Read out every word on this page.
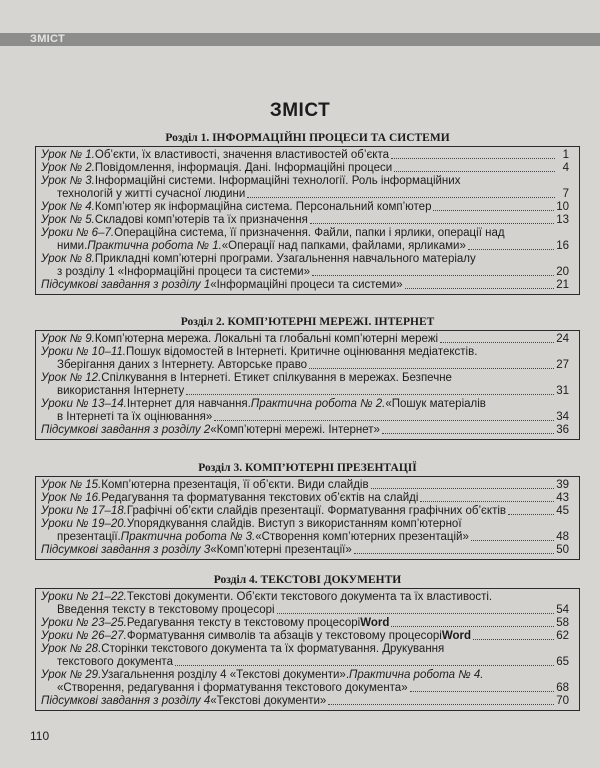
ЗМІСТ
ЗМІСТ
Розділ 1. ІНФОРМАЦІЙНІ ПРОЦЕСИ ТА СИСТЕМИ
Урок № 1. Об’єкти, їх властивості, значення властивостей об’єкта	1
Урок № 2. Повідомлення, інформація. Дані. Інформаційні процеси	4
Урок № 3. Інформаційні системи. Інформаційні технології. Роль інформаційних
технологій у житті сучасної людини	7
Урок № 4. Комп’ютер як інформаційна система. Персональний комп’ютер	10
Урок № 5. Складові комп’ютерів та їх призначення	13
Уроки № 6–7. Операційна система, її призначення. Файли, папки і ярлики, операції над
ними. Практична робота № 1. «Операції над папками, файлами, ярликами»	16
Урок № 8. Прикладні комп’ютерні програми. Узагальнення навчального матеріалу
з розділу 1 «Інформаційні процеси та системи»	20
Підсумкові завдання з розділу 1 «Інформаційні процеси та системи»	21
Розділ 2. КОМП’ЮТЕРНІ МЕРЕЖІ. ІНТЕРНЕТ
Урок № 9. Комп’ютерна мережа. Локальні та глобальні комп’ютерні мережі	24
Уроки № 10–11. Пошук відомостей в Інтернеті. Критичне оцінювання медіатекстів.
Зберігання даних з Інтернету. Авторське право	27
Урок № 12. Спілкування в Інтернеті. Етикет спілкування в мережах. Безпечне
використання Інтернету	31
Уроки № 13–14. Інтернет для навчання. Практична робота № 2. «Пошук матеріалів
в Інтернеті та їх оцінювання»	34
Підсумкові завдання з розділу 2 «Комп’ютерні мережі. Інтернет»	36
Розділ 3. КОМП’ЮТЕРНІ ПРЕЗЕНТАЦІЇ
Урок № 15. Комп’ютерна презентація, її об’єкти. Види слайдів	39
Урок № 16. Редагування та форматування текстових об’єктів на слайді	43
Уроки № 17–18. Графічні об’єкти слайдів презентації. Форматування графічних об’єктів	45
Уроки № 19–20. Упорядкування слайдів. Виступ з використанням комп’ютерної
презентації. Практична робота № 3. «Створення комп’ютерних презентацій»	48
Підсумкові завдання з розділу 3 «Комп’ютерні презентації»	50
Розділ 4. ТЕКСТОВІ ДОКУМЕНТИ
Уроки № 21–22. Текстові документи. Об’єкти текстового документа та їх властивості.
Введення тексту в текстовому процесорі	54
Уроки № 23–25. Редагування тексту в текстовому процесорі Word	58
Уроки № 26–27. Форматування символів та абзаців у текстовому процесорі Word	62
Урок № 28. Сторінки текстового документа та їх форматування. Друкування
текстового документа	65
Урок № 29. Узагальнення розділу 4 «Текстові документи». Практична робота № 4.
«Створення, редагування і форматування текстового документа»	68
Підсумкові завдання з розділу 4 «Текстові документи»	70
110
